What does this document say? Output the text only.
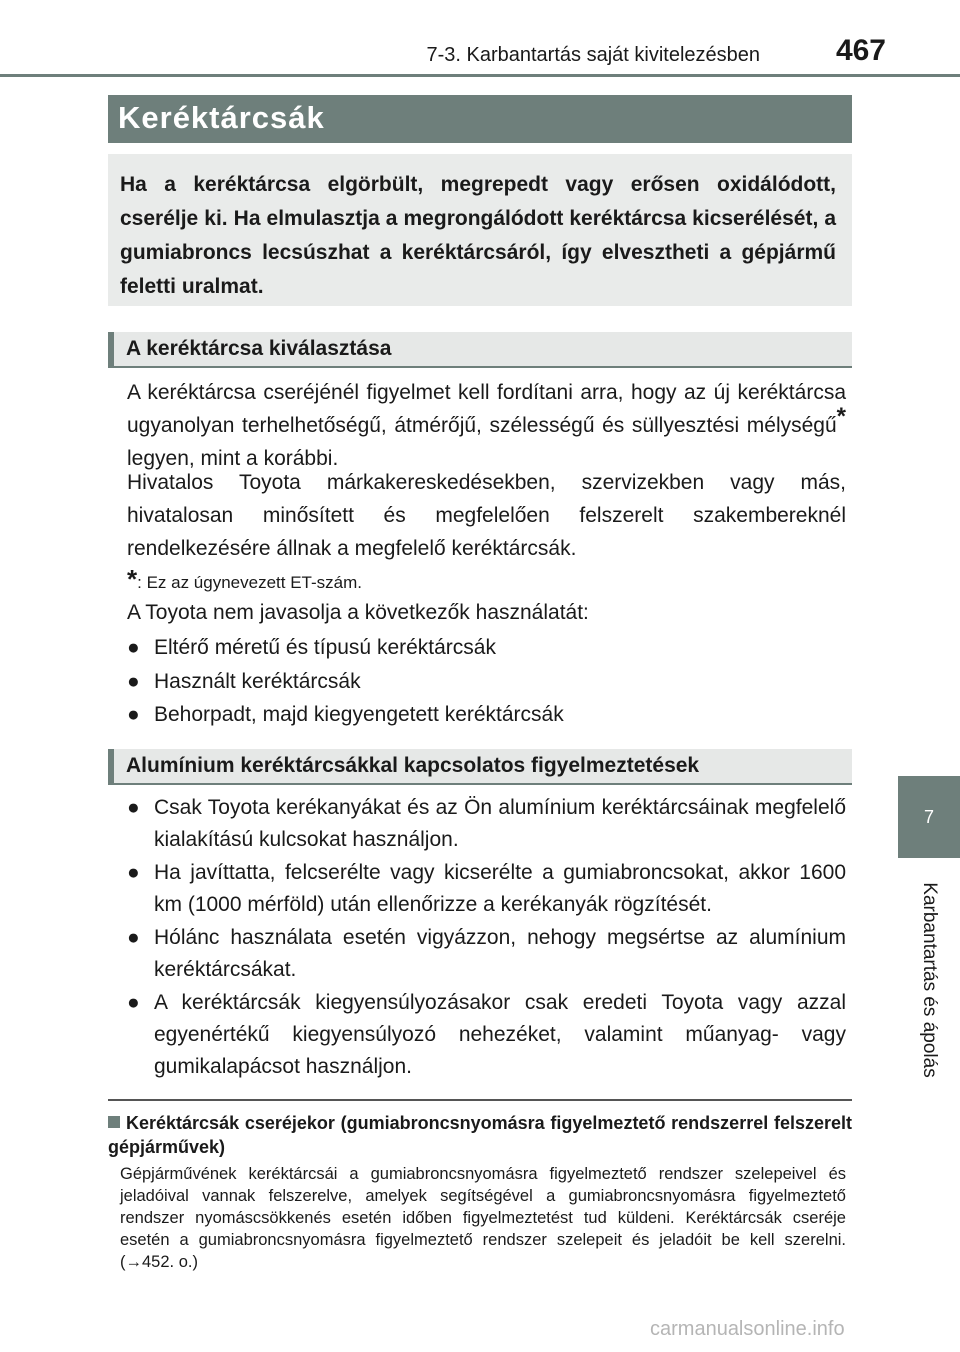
7-3. Karbantartás saját kivitelezésben	467
7
Karbantartás és ápolás
Keréktárcsák

Ha a keréktárcsa elgörbült, megrepedt vagy erősen oxidálódott, cserélje ki. Ha elmulasztja a megrongálódott keréktárcsa kicserélését, a gumiabroncs lecsúszhat a keréktárcsáról, így elvesztheti a gépjármű feletti uralmat.

A keréktárcsa kiválasztása

A keréktárcsa cseréjénél figyelmet kell fordítani arra, hogy az új keréktárcsa ugyanolyan terhelhetőségű, átmérőjű, szélességű és süllyesztési mélységű* legyen, mint a korábbi.

Hivatalos Toyota márkakereskedésekben, szervizekben vagy más, hivatalosan minősített és megfelelően felszerelt szakembereknél rendelkezésére állnak a megfelelő keréktárcsák.

*: Ez az úgynevezett ET-szám.

A Toyota nem javasolja a következők használatát:

● Eltérő méretű és típusú keréktárcsák
● Használt keréktárcsák
● Behorpadt, majd kiegyengetett keréktárcsák
Alumínium keréktárcsákkal kapcsolatos figyelmeztetések
● Csak Toyota kerékanyákat és az Ön alumínium keréktárcsáinak megfelelő kialakítású kulcsokat használjon.
● Ha javíttatta, felcserélte vagy kicserélte a gumiabroncsokat, akkor 1600 km (1000 mérföld) után ellenőrizze a kerékanyák rögzítését.
● Hólánc használata esetén vigyázzon, nehogy megsértse az alumínium keréktárcsákat.
● A keréktárcsák kiegyensúlyozásakor csak eredeti Toyota vagy azzal egyenértékű kiegyensúlyozó nehezéket, valamint műanyag- vagy gumikalapácsot használjon.
Keréktárcsák cseréjekor (gumiabroncsnyomásra figyelmeztető rendszerrel felszerelt gépjárművek)

Gépjárművének keréktárcsái a gumiabroncsnyomásra figyelmeztető rendszer szelepeivel és jeladóival vannak felszerelve, amelyek segítségével a gumiabroncsnyomásra figyelmeztető rendszer nyomáscsökkenés esetén időben figyelmeztetést tud küldeni. Keréktárcsák cseréje esetén a gumiabroncsnyomásra figyelmeztető rendszer szelepeit és jeladóit be kell szerelni. (→452. o.)

carmanualsonline.info
